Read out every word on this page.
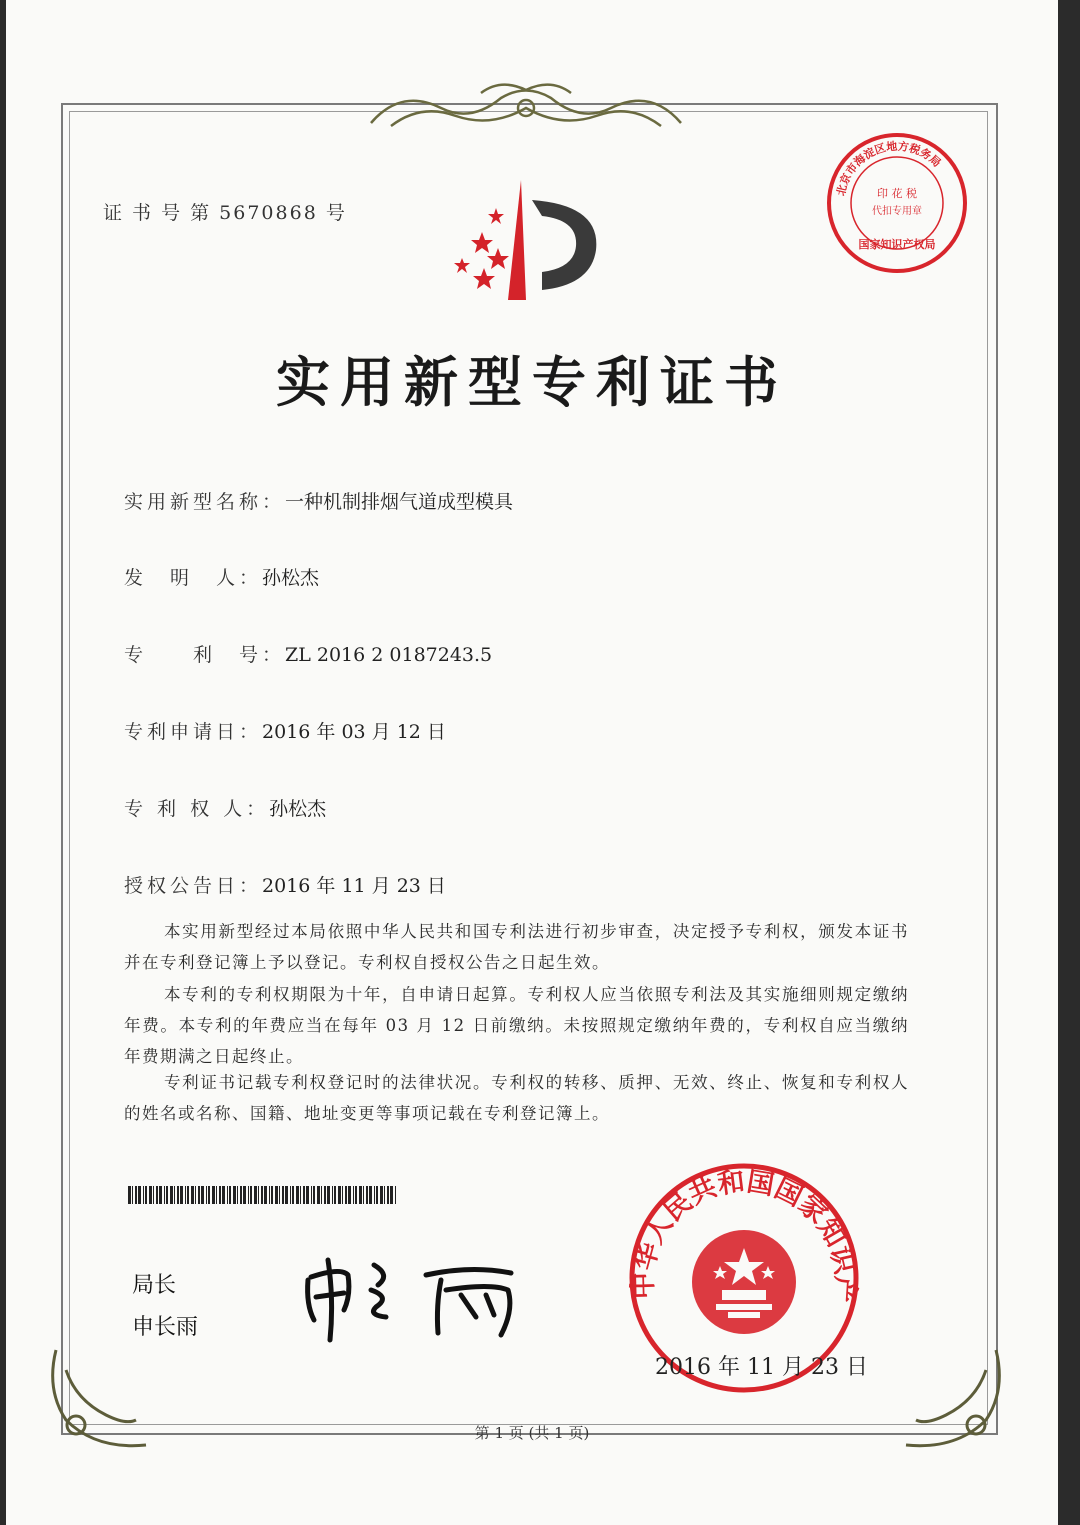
证 书 号 第 5670868 号
北京市海淀区地方税务局
印 花 税
代扣专用章
国家知识产权局
实用新型专利证书
实用新型名称：一种机制排烟气道成型模具
发　明　人：孙松杰
专　　利　号：ZL 2016 2 0187243.5
专利申请日：2016 年 03 月 12 日
专 利 权 人：孙松杰
授权公告日：2016 年 11 月 23 日
本实用新型经过本局依照中华人民共和国专利法进行初步审查，决定授予专利权，颁发本证书并在专利登记簿上予以登记。专利权自授权公告之日起生效。
本专利的专利权期限为十年，自申请日起算。专利权人应当依照专利法及其实施细则规定缴纳年费。本专利的年费应当在每年 03 月 12 日前缴纳。未按照规定缴纳年费的，专利权自应当缴纳年费期满之日起终止。
专利证书记载专利权登记时的法律状况。专利权的转移、质押、无效、终止、恢复和专利权人的姓名或名称、国籍、地址变更等事项记载在专利登记簿上。
局长
申长雨
中华人民共和国国家知识产
2016 年 11 月 23 日
第 1 页 (共 1 页)
